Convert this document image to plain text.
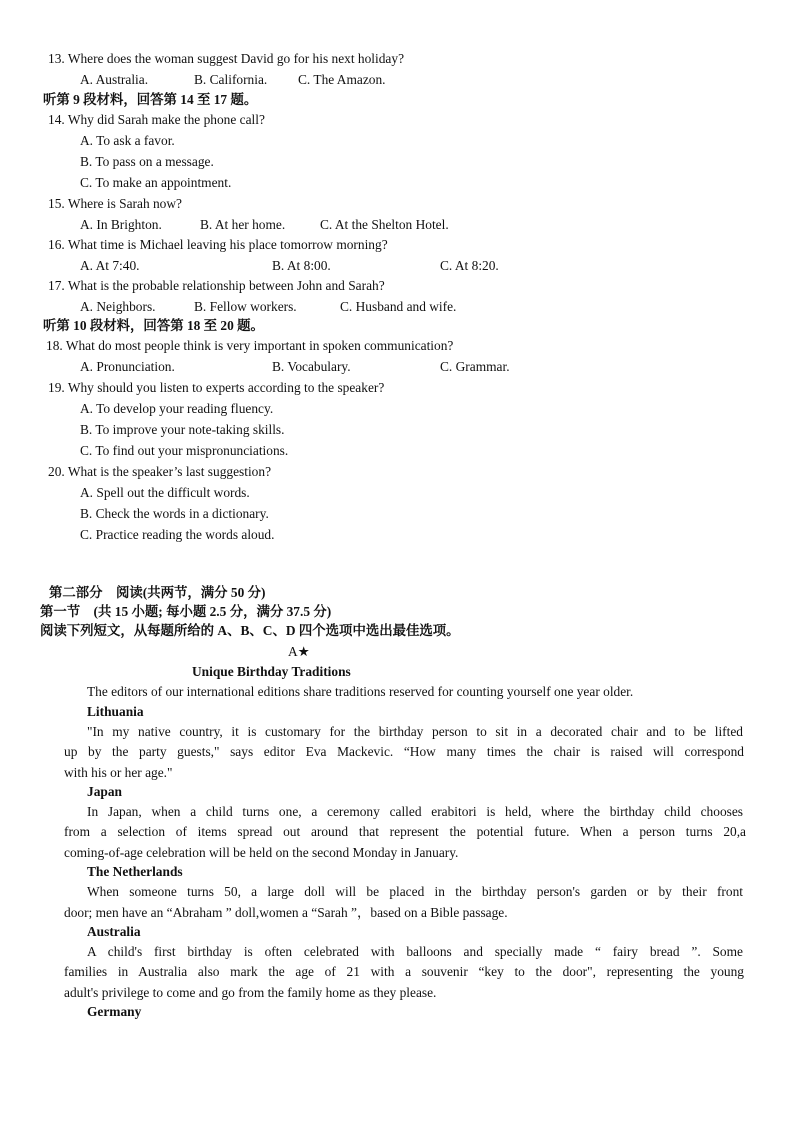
13. Where does the woman suggest David go for his next holiday?
A. Australia.	B. California. C. The Amazon.
听第 9 段材料，回答第 14 至 17 题。
14. Why did Sarah make the phone call?
A. To ask a favor.
B. To pass on a message.
C. To make an appointment.
15. Where is Sarah now?
A. In Brighton.	B. At her home.	C. At the Shelton Hotel.
16. What time is Michael leaving his place tomorrow morning?
A. At 7:40.	B. At 8:00.	C. At 8:20.
17. What is the probable relationship between John and Sarah?
A. Neighbors.	B. Fellow workers.	C. Husband and wife.
听第 10 段材料，回答第 18 至 20 题。
18. What do most people think is very important in spoken communication?
A. Pronunciation.	B. Vocabulary.	C. Grammar.
19. Why should you listen to experts according to the speaker?
A. To develop your reading fluency.
B. To improve your note-taking skills.
C. To find out your mispronunciations.
20. What is the speaker’s last suggestion?
A. Spell out the difficult words.
B. Check the words in a dictionary.
C. Practice reading the words aloud.
第二部分　阅读(共两节，满分 50 分)
第一节　(共 15 小题; 每小题 2.5 分，满分 37.5 分)
阅读下列短文，从每题所给的 A、B、C、D 四个选项中选出最佳选项。
A★
Unique Birthday Traditions
The editors of our international editions share traditions reserved for counting yourself one year older.
Lithuania
"In my native country, it is customary for the birthday person to sit in a decorated chair and to be lifted
up by the party guests," says editor Eva Mackevic. “How many times the chair is raised will correspond
with his or her age."
Japan
In Japan, when a child turns one, a ceremony called erabitori is held, where the birthday child chooses
from a selection of items spread out around that represent the potential future. When a person turns 20,a
coming-of-age celebration will be held on the second Monday in January.
The Netherlands
When someone turns 50, a large doll will be placed in the birthday person's garden or by their front
door; men have an “Abraham ” doll,women a “Sarah ”，based on a Bible passage.
Australia
A child's first birthday is often celebrated with balloons and specially made “ fairy bread ”. Some
families in Australia also mark the age of 21 with a souvenir “key to the door", representing the young
adult's privilege to come and go from the family home as they please.
Germany
